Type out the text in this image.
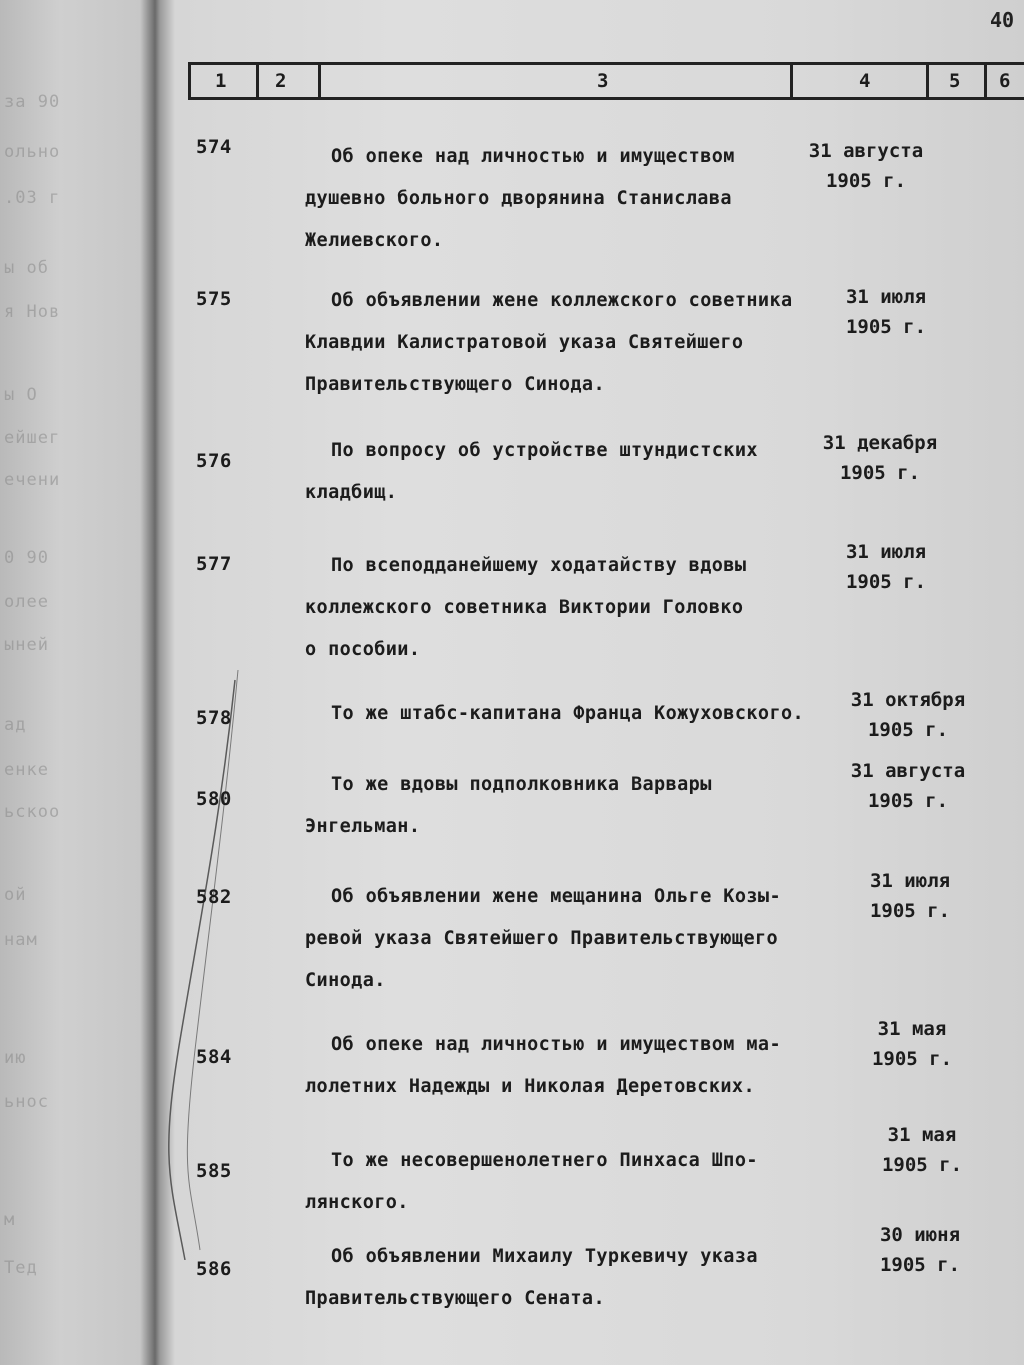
за 90
ольно
.03 г
ы об
я Нов
ы О
ейшег
ечени
0 90
олее
ыней
ад
енке
ьскоо
ой
нам
ию
ьнос
м
Тед
40
1	2	3	4	5 6
574	Об опеке над личностью и имуществом
душевно больного дворянина Станислава
Желиевского.
31 августа
1905 г.
575	Об объявлении жене коллежского советника
Клавдии Калистратовой указа Святейшего
Правительствующего Синода.
31 июля
1905 г.
576	По вопросу об устройстве штундистских
кладбищ.
31 декабря
1905 г.
577	По всеподданейшему ходатайству вдовы
коллежского советника Виктории Головко
о пособии.
31 июля
1905 г.
578	То же штабс-капитана Франца Кожуховского.
31 октября
1905 г.
580
То же вдовы подполковника Варвары
Энгельман.
31 августа
1905 г.
582	Об объявлении жене мещанина Ольге Козы-
ревой указа Святейшего Правительствующего
Синода.
31 июля
1905 г.
584
Об опеке над личностью и имуществом ма-
лолетних Надежды и Николая Деретовских.
31 мая
1905 г.
585	То же несовершенолетнего Пинхаса Шпо-
лянского.
31 мая
1905 г.
586
Об объявлении Михаилу Туркевичу указа
Правительствующего Сената.
30 июня
1905 г.
